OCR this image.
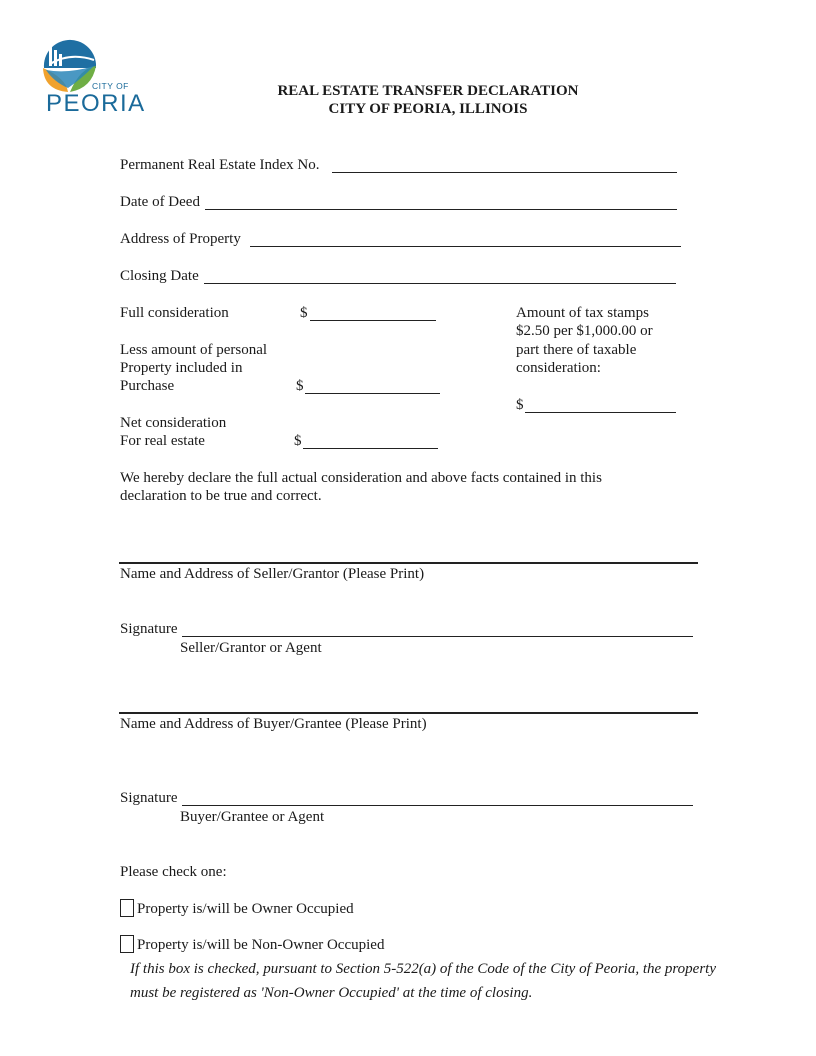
CITY OF
PEORIA	REAL ESTATE TRANSFER DECLARATION
CITY OF PEORIA, ILLINOIS
Permanent Real Estate Index No.
Date of Deed
Address of Property
Closing Date
Full consideration	$	Amount of tax stamps
$2.50 per $1,000.00 or
part there of taxable
consideration:
$
Less amount of personal
Property included in
Purchase	$
Net consideration
For real estate	$
We hereby declare the full actual consideration and above facts contained in this
declaration to be true and correct.
Name and Address of Seller/Grantor (Please Print)
Signature
Seller/Grantor or Agent
Name and Address of Buyer/Grantee (Please Print)
Signature
Buyer/Grantee or Agent
Please check one:
Property is/will be Owner Occupied
Property is/will be Non-Owner Occupied
If this box is checked, pursuant to Section 5-522(a) of the Code of the City of Peoria, the property
must be registered as 'Non-Owner Occupied' at the time of closing.
